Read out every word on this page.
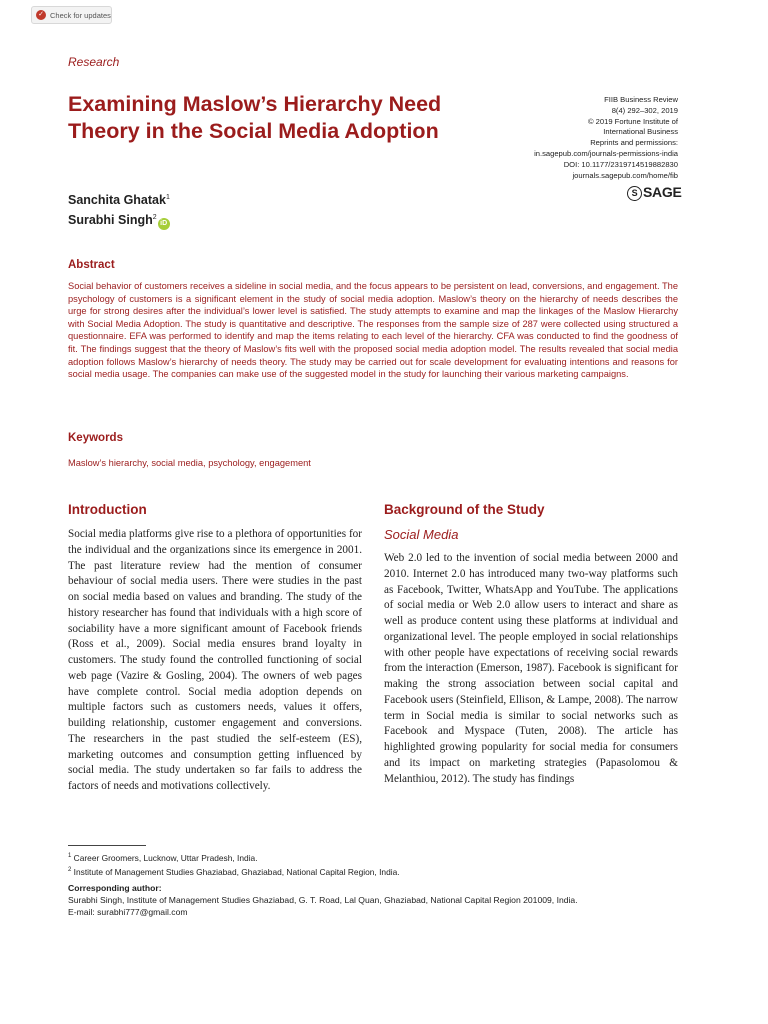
✓ Check for updates
Research
Examining Maslow’s Hierarchy Need
Theory in the Social Media Adoption
FIIB Business Review
8(4) 292–302, 2019
© 2019 Fortune Institute of
International Business
Reprints and permissions:
in.sagepub.com/journals-permissions-india
DOI: 10.1177/2319714519882830
journals.sagepub.com/home/fib
S SAGE
Sanchita Ghatak$^1$
Surabhi Singh$^2$iD
Abstract
Social behavior of customers receives a sideline in social media, and the focus appears to be persistent on lead, conversions, and engagement. The psychology of customers is a significant element in the study of social media adoption. Maslow’s theory on the hierarchy of needs describes the urge for strong desires after the individual’s lower level is satisfied. The study attempts to examine and map the linkages of the Maslow Hierarchy with Social Media Adoption. The study is quantitative and descriptive. The responses from the sample size of 287 were collected using structured a questionnaire. EFA was performed to identify and map the items relating to each level of the hierarchy. CFA was conducted to find the goodness of fit. The findings suggest that the theory of Maslow’s fits well with the proposed social media adoption model. The results revealed that social media adoption follows Maslow’s hierarchy of needs theory. The study may be carried out for scale development for evaluating intentions and reasons for social media usage. The companies can make use of the suggested model in the study for launching their various marketing campaigns.
Keywords
Maslow’s hierarchy, social media, psychology, engagement
Introduction
Social media platforms give rise to a plethora of opportunities for the individual and the organizations since its emergence in 2001. The past literature review had the mention of consumer behaviour of social media users. There were studies in the past on social media based on values and branding. The study of the history researcher has found that individuals with a high score of sociability have a more significant amount of Facebook friends (Ross et al., 2009). Social media ensures brand loyalty in customers. The study found the controlled functioning of social web page (Vazire & Gosling, 2004). The owners of web pages have complete control. Social media adoption depends on multiple factors such as customers needs, values it offers, building relationship, customer engagement and conversions. The researchers in the past studied the self-esteem (ES), marketing outcomes and consumption getting influenced by social media. The study undertaken so far fails to address the factors of needs and motivations collectively.
Background of the Study
Social Media
Web 2.0 led to the invention of social media between 2000 and 2010. Internet 2.0 has introduced many two-way platforms such as Facebook, Twitter, WhatsApp and YouTube. The applications of social media or Web 2.0 allow users to interact and share as well as produce content using these platforms at individual and organizational level. The people employed in social relationships with other people have expectations of receiving social rewards from the interaction (Emerson, 1987). Facebook is significant for making the strong association between social capital and Facebook users (Steinfield, Ellison, & Lampe, 2008). The narrow term in Social media is similar to social networks such as Facebook and Myspace (Tuten, 2008). The article has highlighted growing popularity for social media for consumers and its impact on marketing strategies (Papasolomou & Melanthiou, 2012). The study has findings
$^1$ Career Groomers, Lucknow, Uttar Pradesh, India.
$^2$ Institute of Management Studies Ghaziabad, Ghaziabad, National Capital Region, India.
Corresponding author:
Surabhi Singh, Institute of Management Studies Ghaziabad, G. T. Road, Lal Quan, Ghaziabad, National Capital Region 201009, India.
E-mail: surabhi777@gmail.com
